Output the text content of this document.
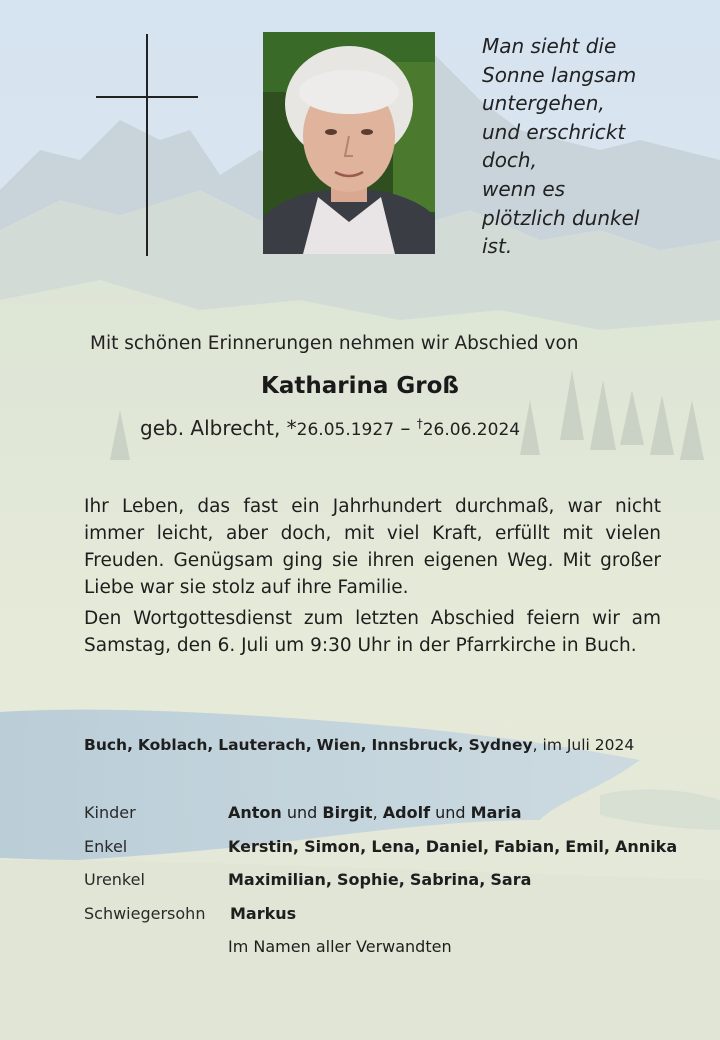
Man sieht die
Sonne langsam
untergehen,
und erschrickt
doch,
wenn es
plötzlich dunkel
ist.
Mit schönen Erinnerungen nehmen wir Abschied von
Katharina Groß
geb. Albrecht, *26.05.1927 – †26.06.2024
Ihr Leben, das fast ein Jahrhundert durchmaß, war nicht immer leicht, aber doch, mit viel Kraft, erfüllt mit vielen Freuden. Genügsam ging sie ihren eigenen Weg. Mit großer Liebe war sie stolz auf ihre Familie.
Den Wortgottesdienst zum letzten Abschied feiern wir am Samstag, den 6. Juli um 9:30 Uhr in der Pfarrkirche in Buch.
Buch, Koblach, Lauterach, Wien, Innsbruck, Sydney, im Juli 2024
Kinder	Anton und Birgit, Adolf und Maria
Enkel	Kerstin, Simon, Lena, Daniel, Fabian, Emil, Annika
Urenkel	Maximilian, Sophie, Sabrina, Sara
Schwiegersohn Markus
Im Namen aller Verwandten
